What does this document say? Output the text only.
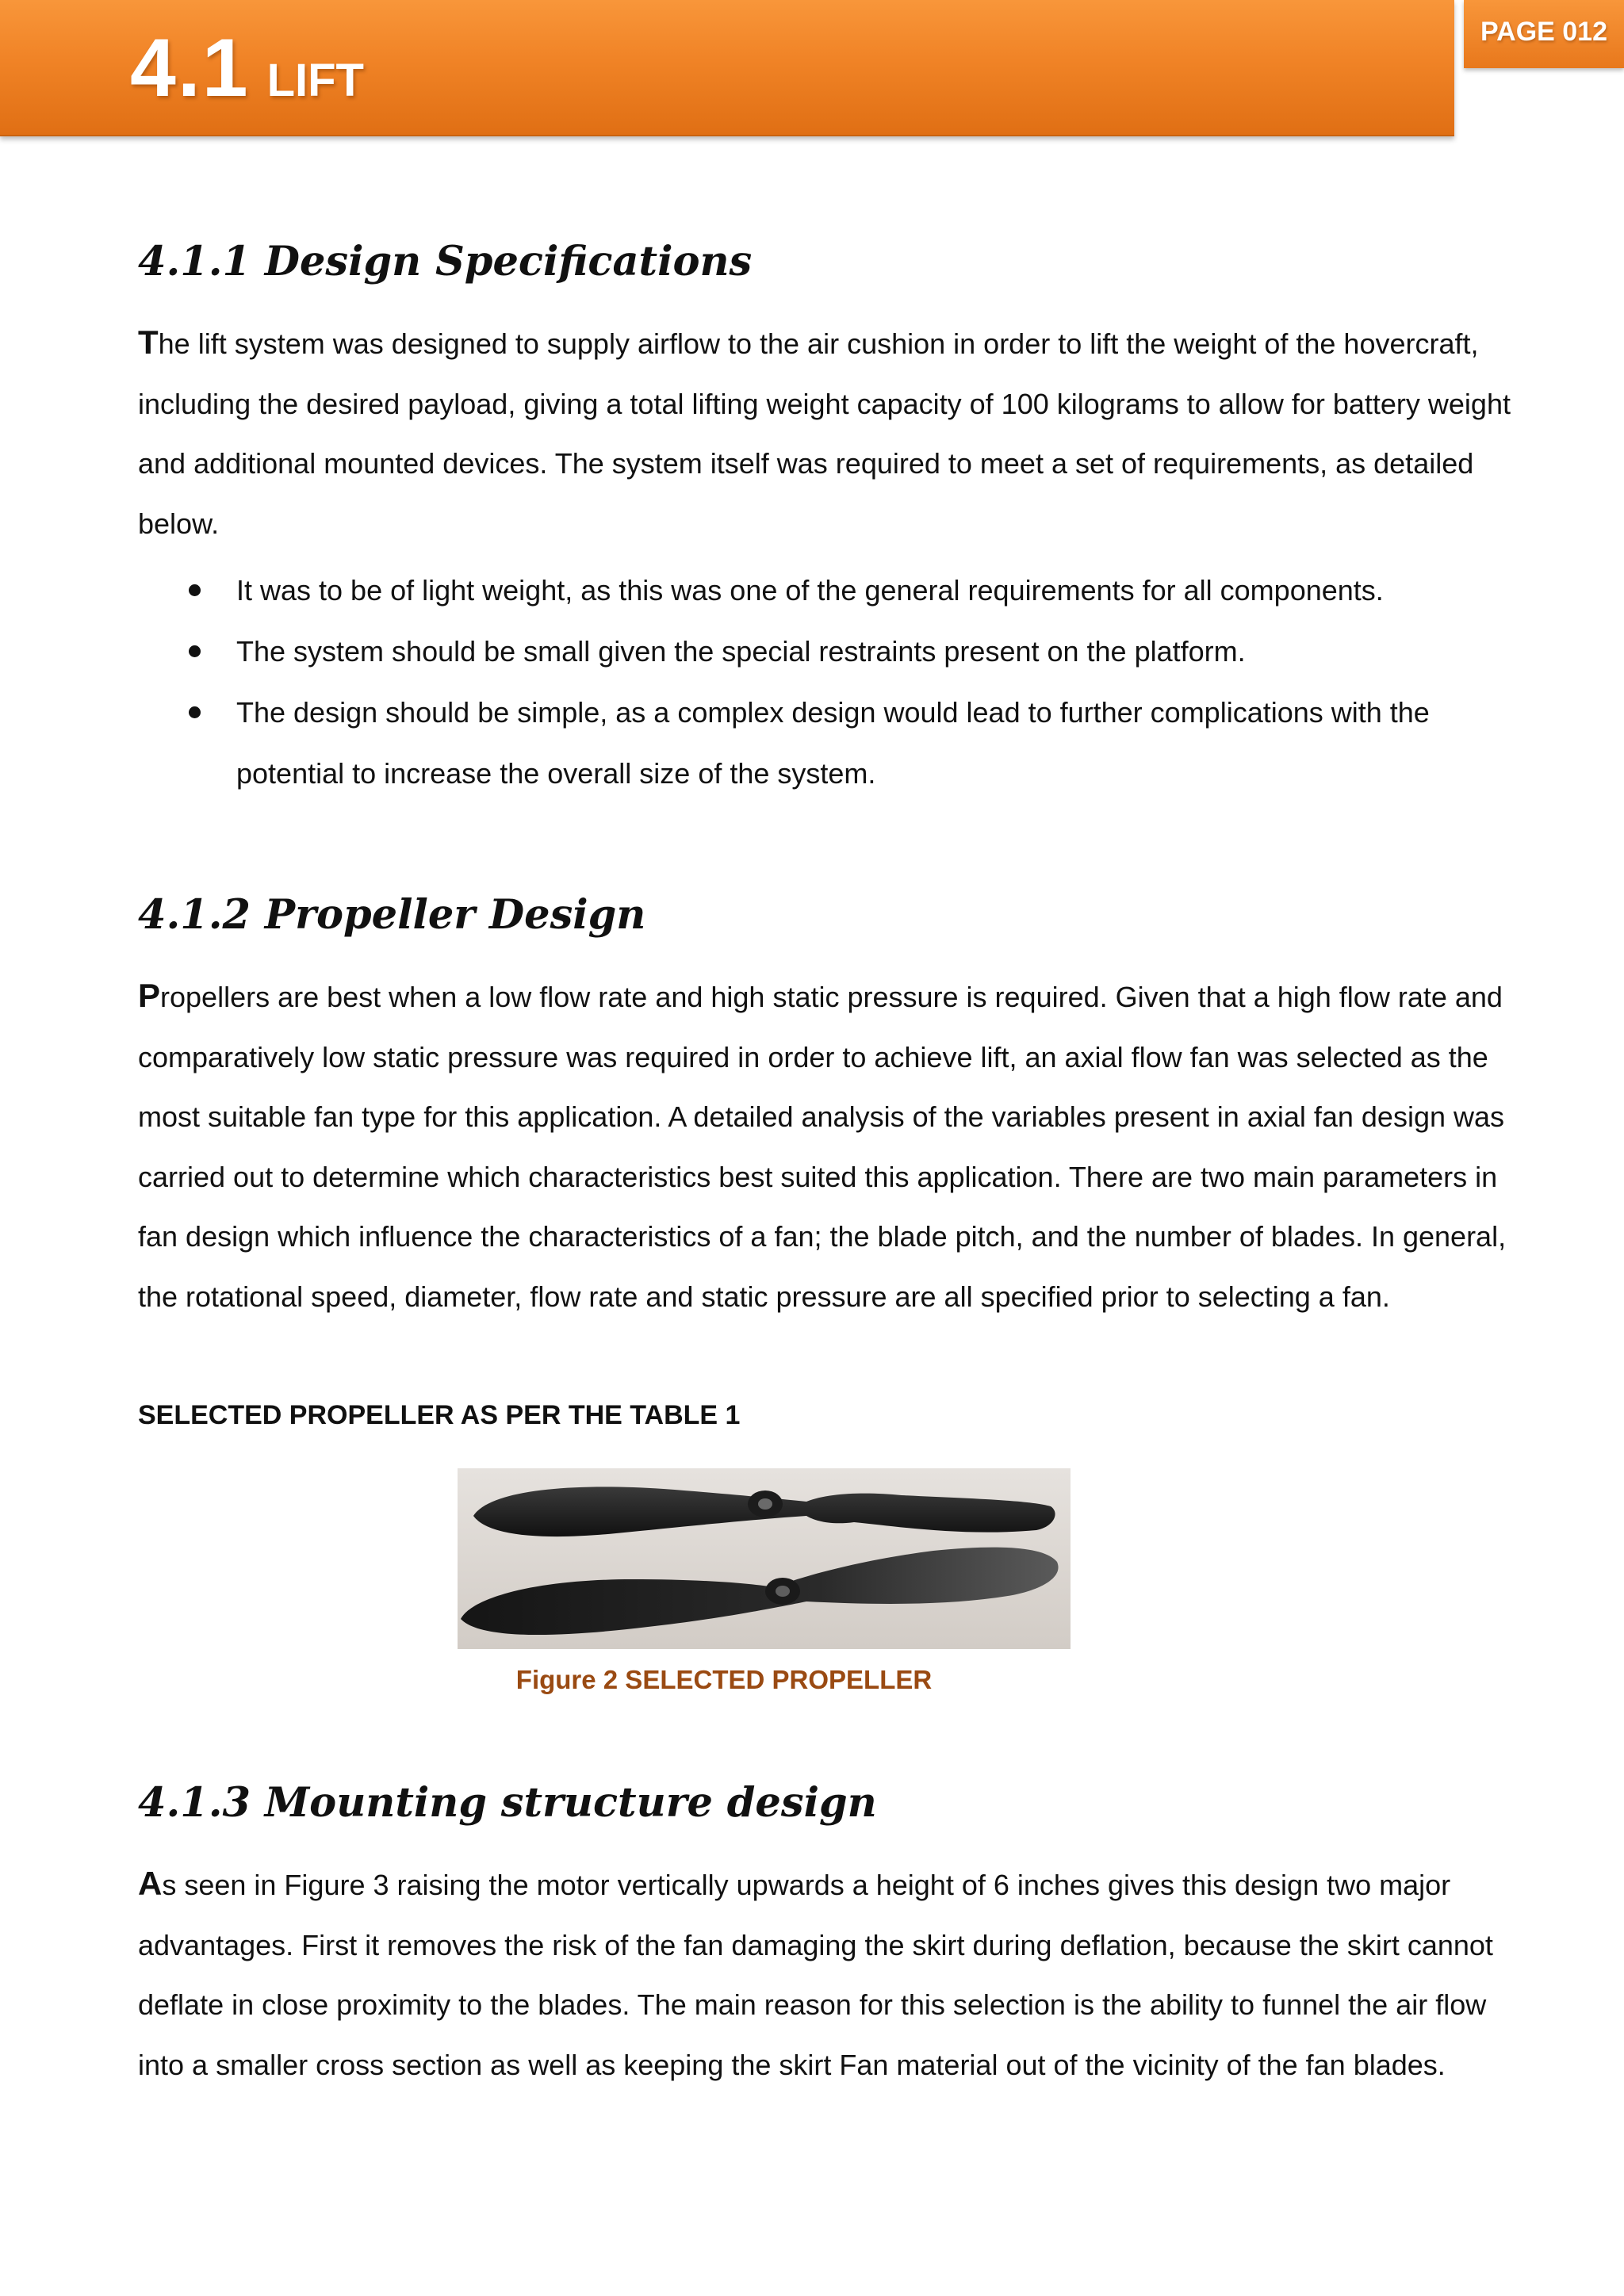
4.1 LIFT
PAGE 012
4.1.1 Design Specifications

The lift system was designed to supply airflow to the air cushion in order to lift the weight of the hovercraft, including the desired payload, giving a total lifting weight capacity of 100 kilograms to allow for battery weight and additional mounted devices. The system itself was required to meet a set of requirements, as detailed below.

It was to be of light weight, as this was one of the general requirements for all components.
The system should be small given the special restraints present on the platform.
The design should be simple, as a complex design would lead to further complications with the potential to increase the overall size of the system.
4.1.2 Propeller Design

Propellers are best when a low flow rate and high static pressure is required. Given that a high flow rate and comparatively low static pressure was required in order to achieve lift, an axial flow fan was selected as the most suitable fan type for this application. A detailed analysis of the variables present in axial fan design was carried out to determine which characteristics best suited this application. There are two main parameters in fan design which influence the characteristics of a fan; the blade pitch, and the number of blades. In general, the rotational speed, diameter, flow rate and static pressure are all specified prior to selecting a fan.

SELECTED PROPELLER AS PER THE TABLE 1
4.1.3 Mounting structure design

As seen in Figure 3 raising the motor vertically upwards a height of 6 inches gives this design two major advantages. First it removes the risk of the fan damaging the skirt during deflation, because the skirt cannot deflate in close proximity to the blades. The main reason for this selection is the ability to funnel the air flow into a smaller cross section as well as keeping the skirt Fan material out of the vicinity of the fan blades.

Figure 2 SELECTED PROPELLER
